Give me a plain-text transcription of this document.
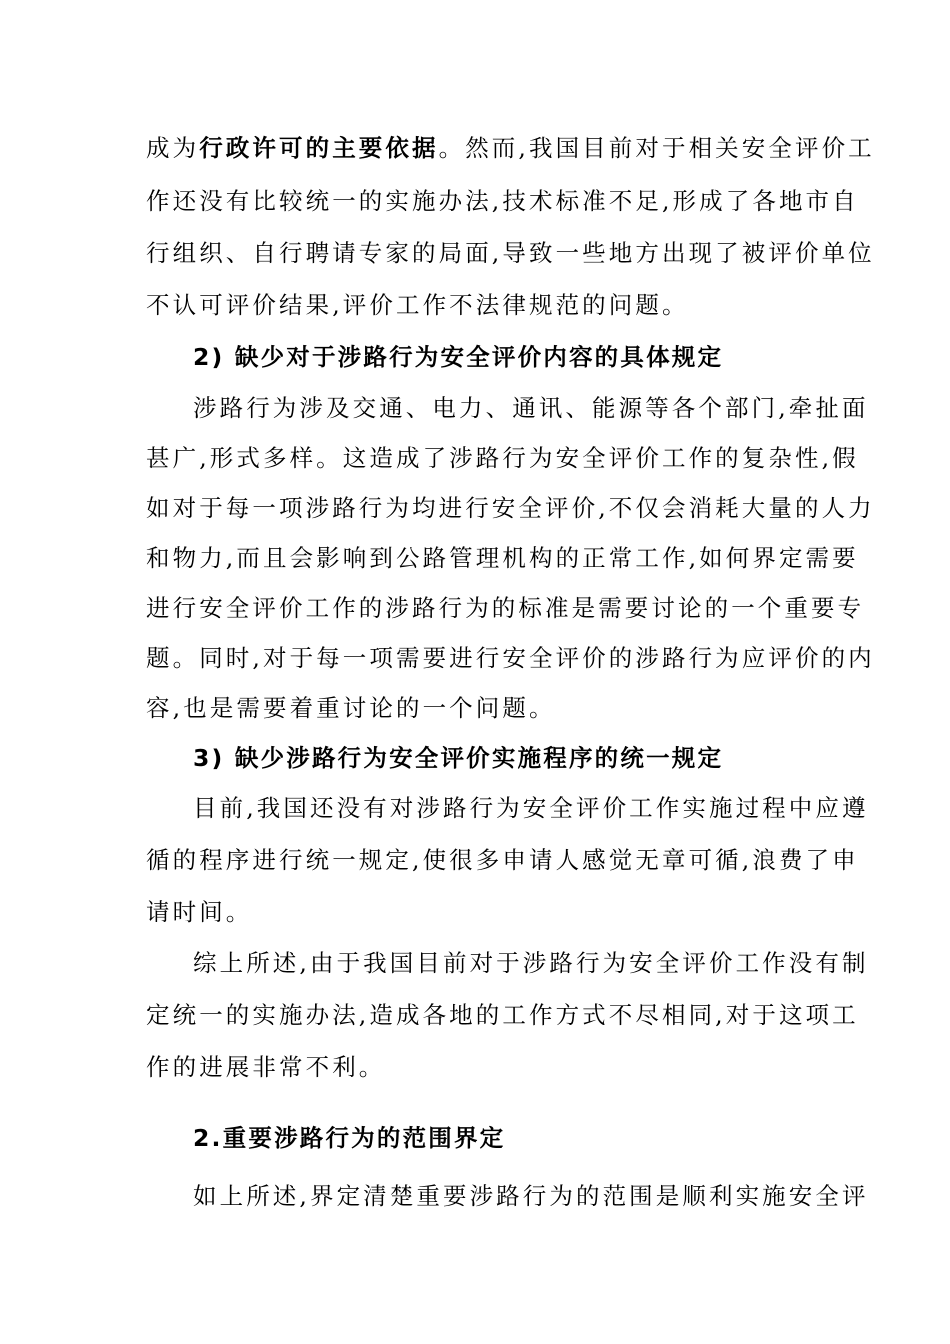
成为行政许可的主要依据。然而,我国目前对于相关安全评价工
作还没有比较统一的实施办法,技术标准不足,形成了各地市自
行组织、自行聘请专家的局面,导致一些地方出现了被评价单位
不认可评价结果,评价工作不法律规范的问题。
2) 缺少对于涉路行为安全评价内容的具体规定
涉路行为涉及交通、电力、通讯、能源等各个部门,牵扯面
甚广,形式多样。这造成了涉路行为安全评价工作的复杂性,假
如对于每一项涉路行为均进行安全评价,不仅会消耗大量的人力
和物力,而且会影响到公路管理机构的正常工作,如何界定需要
进行安全评价工作的涉路行为的标准是需要讨论的一个重要专
题。同时,对于每一项需要进行安全评价的涉路行为应评价的内
容,也是需要着重讨论的一个问题。
3) 缺少涉路行为安全评价实施程序的统一规定
目前,我国还没有对涉路行为安全评价工作实施过程中应遵
循的程序进行统一规定,使很多申请人感觉无章可循,浪费了申
请时间。
综上所述,由于我国目前对于涉路行为安全评价工作没有制
定统一的实施办法,造成各地的工作方式不尽相同,对于这项工
作的进展非常不利。
2.重要涉路行为的范围界定
如上所述,界定清楚重要涉路行为的范围是顺利实施安全评
